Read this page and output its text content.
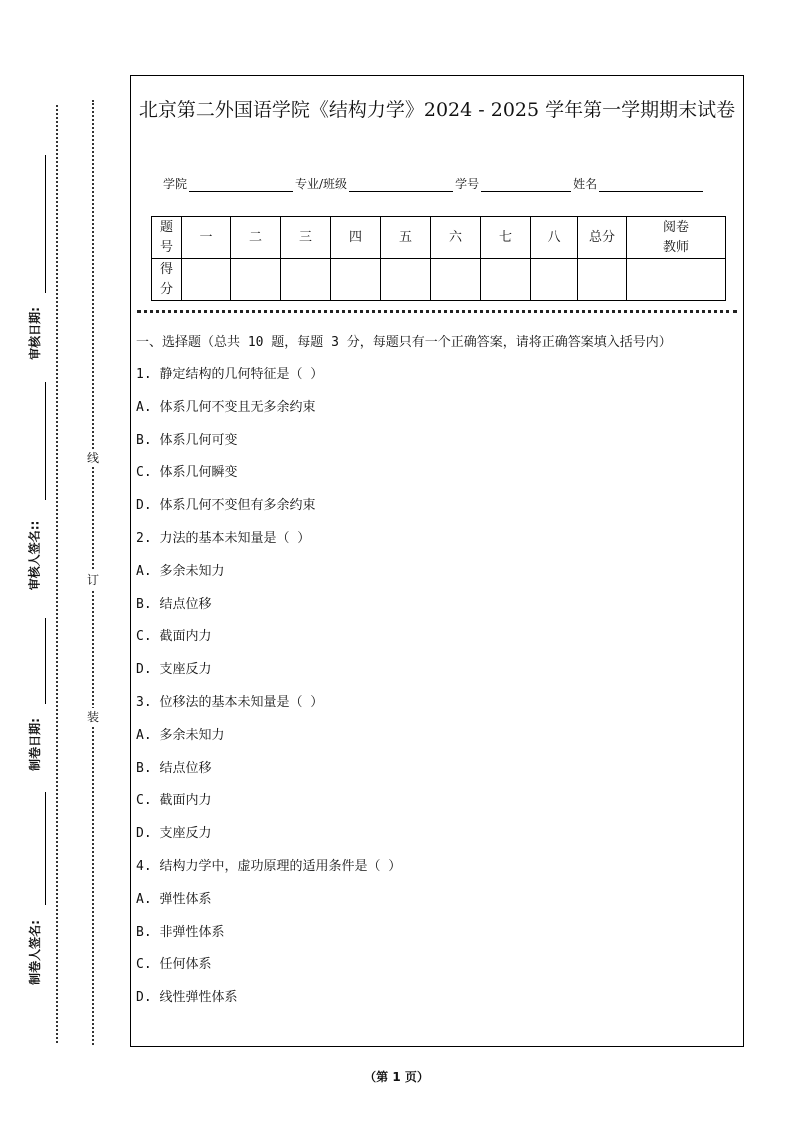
审核日期:
审核人签名::
制卷日期:
制卷人签名:
线
订
装
北京第二外国语学院《结构力学》2024 - 2025 学年第一学期期末试卷
学院	专业/班级	学号	姓名
题号	一	二	三	四	五	六	七	八	总分	阅卷教师
得分										
一、选择题（总共 10 题，每题 3 分，每题只有一个正确答案，请将正确答案填入括号内）
1. 静定结构的几何特征是（ ）
A. 体系几何不变且无多余约束
B. 体系几何可变
C. 体系几何瞬变
D. 体系几何不变但有多余约束
2. 力法的基本未知量是（ ）
A. 多余未知力
B. 结点位移
C. 截面内力
D. 支座反力
3. 位移法的基本未知量是（ ）
A. 多余未知力
B. 结点位移
C. 截面内力
D. 支座反力
4. 结构力学中，虚功原理的适用条件是（ ）
A. 弹性体系
B. 非弹性体系
C. 任何体系
D. 线性弹性体系
（第 1 页）
